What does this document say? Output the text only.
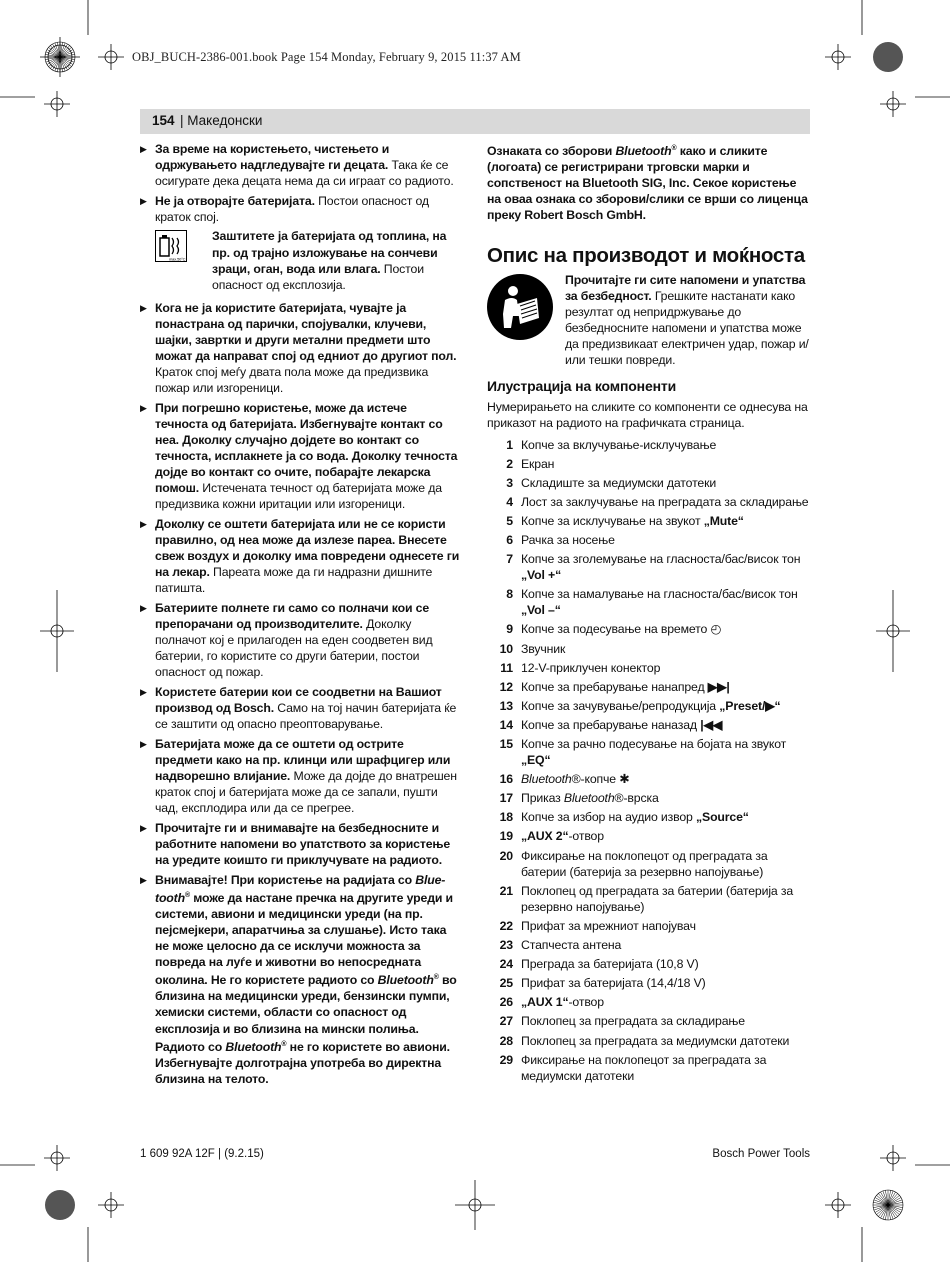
OBJ_BUCH-2386-001.book Page 154 Monday, February 9, 2015 11:37 AM
154 | Македонски
▶ За време на користењето, чистењето и одржувањето надгледувајте ги децата. Така ќе се осигурате дека децата нема да си играат со радиото.
▶ Не ја отворајте батеријата. Постои опасност од краток спој.
max.50°C
Заштитете ја батеријата од топлина, на пр. од трајно изложување на сончеви зраци, оган, вода или влага. Постои опасност од експлозија.
▶ Кога не ја користите батеријата, чувајте ја понастрана од парички, спојувалки, клучеви, шајки, завртки и други метални предмети што можат да направат спој од едниот до другиот пол. Краток спој меѓу двата пола може да предизвика пожар или изгореници.
▶ При погрешно користење, може да истече течноста од батеријата. Избегнувајте контакт со неа. Доколку случајно дојдете во контакт со течноста, исплакнете ја со вода. Доколку течноста дојде во контакт со очите, побарајте лекарска помош. Истечената течност од батеријата може да предизвика кожни иритации или изгореници.
▶ Доколку се оштети батеријата или не се користи правилно, од неа може да излезе пареа. Внесете свеж воздух и доколку има повредени однесете ги на лекар. Пареата може да ги надразни дишните патишта.
▶ Батериите полнете ги само со полначи кои се препорачани од производителите. Доколку полначот кој е прилагоден на еден соодветен вид батерии, го користите со други батерии, постои опасност од пожар.
▶ Користете батерии кои се соодветни на Вашиот производ од Bosch. Само на тој начин батеријата ќе се заштити од опасно преоптоварување.
▶ Батеријата може да се оштети од острите предмети како на пр. клинци или шрафцигер или надворешно влијание. Може да дојде до внатрешен краток спој и батеријата може да се запали, пушти чад, експлодира или да се прегрее.
▶ Прочитајте ги и внимавајте на безбедносните и работните напомени во упатството за користење на уредите коишто ги приклучувате на радиото.
▶ Внимавајте! При користење на радијата со Blue-tooth® може да настане пречка на другите уреди и системи, авиони и медицински уреди (на пр. пејсмејкери, апаратчиња за слушање). Исто така не може целосно да се исклучи можноста за повреда на луѓе и животни во непосредната околина. Не го користете радиото со Bluetooth® во близина на медицински уреди, бензински пумпи, хемиски системи, области со опасност од експлозија и во близина на мински полиња. Радиото со Bluetooth® не го користете во авиони. Избегнувајте долготрајна употреба во директна близина на телото.
Ознаката со зборови Bluetooth® како и сликите (логоата) се регистрирани трговски марки и сопственост на Bluetooth SIG, Inc. Секое користење на оваа ознака со зборови/слики се врши со лиценца преку Robert Bosch GmbH.
Опис на производот и моќноста
Прочитајте ги сите напомени и упатства за безбедност. Грешките настанати како резултат од непридржување до безбедносните напомени и упатства може да предизвикаат електричен удар, пожар и/или тешки повреди.
Илустрација на компоненти
Нумерирањето на сликите со компоненти се однесува на приказот на радиото на графичката страница.
1 Копче за вклучување-исклучување
2 Екран
3 Складиште за медиумски датотеки
4 Лост за заклучување на преградата за складирање
5 Копче за исклучување на звукот „Mute“
6 Рачка за носење
7 Копче за зголемување на гласноста/бас/висок тон „Vol +“
8 Копче за намалување на гласноста/бас/висок тон „Vol –“
9 Копче за подесување на времето ◴
10 Звучник
11 12-V-приклучен конектор
12 Копче за пребарување нанапред ▶▶|
13 Копче за зачувување/репродукција „Preset/▶“
14 Копче за пребарување наназад |◀◀
15 Копче за рачно подесување на бојата на звукот „EQ“
16 Bluetooth®-копче ✱
17 Приказ Bluetooth®-врска
18 Копче за избор на аудио извор „Source“
19 „AUX 2“-отвор
20 Фиксирање на поклопецот од преградата за батерии (батерија за резервно напојување)
21 Поклопец од преградата за батерии (батерија за резервно напојување)
22 Прифат за мрежниот напојувач
23 Стапчеста антена
24 Преграда за батеријата (10,8 V)
25 Прифат за батеријата (14,4/18 V)
26 „AUX 1“-отвор
27 Поклопец за преградата за складирање
28 Поклопец за преградата за медиумски датотеки
29 Фиксирање на поклопецот за преградата за медиумски датотеки
1 609 92A 12F | (9.2.15)	Bosch Power Tools
